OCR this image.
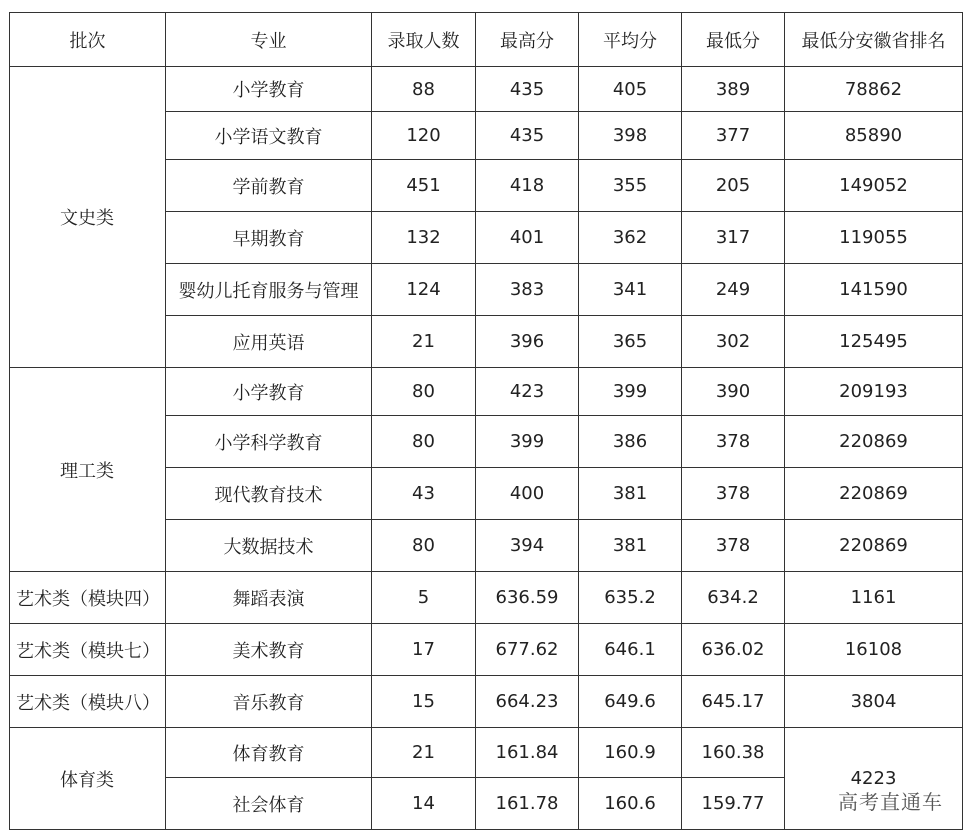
批次	专业	录取人数	最高分	平均分	最低分	最低分安徽省排名
文史类	小学教育	88	435	405	389	78862
	小学语文教育	120	435	398	377	85890
	学前教育	451	418	355	205	149052
	早期教育	132	401	362	317	119055
	婴幼儿托育服务与管理	124	383	341	249	141590
	应用英语	21	396	365	302	125495
理工类	小学教育	80	423	399	390	209193
	小学科学教育	80	399	386	378	220869
	现代教育技术	43	400	381	378	220869
	大数据技术	80	394	381	378	220869
艺术类（模块四）	舞蹈表演	5	636.59	635.2	634.2	1161
艺术类（模块七）	美术教育	17	677.62	646.1	636.02	16108
艺术类（模块八）	音乐教育	15	664.23	649.6	645.17	3804
体育类	体育教育	21	161.84	160.9	160.38	4223
	社会体育	14	161.78	160.6	159.77		高考直通车
